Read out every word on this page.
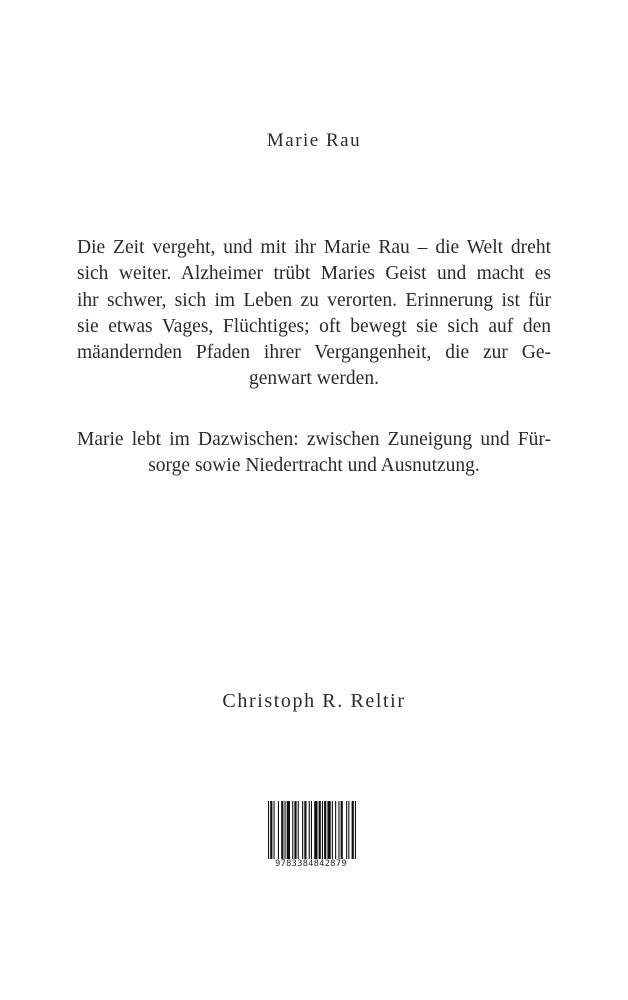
Marie Rau
Die Zeit vergeht, und mit ihr Marie Rau – die Welt dreht
sich weiter. Alzheimer trübt Maries Geist und macht es
ihr schwer, sich im Leben zu verorten. Erinnerung ist für
sie etwas Vages, Flüchtiges; oft bewegt sie sich auf den
mäandernden Pfaden ihrer Vergangenheit, die zur Ge-
genwart werden.
Marie lebt im Dazwischen: zwischen Zuneigung und Für-
sorge sowie Niedertracht und Ausnutzung.
Christoph R. Reltir
9783384842879
